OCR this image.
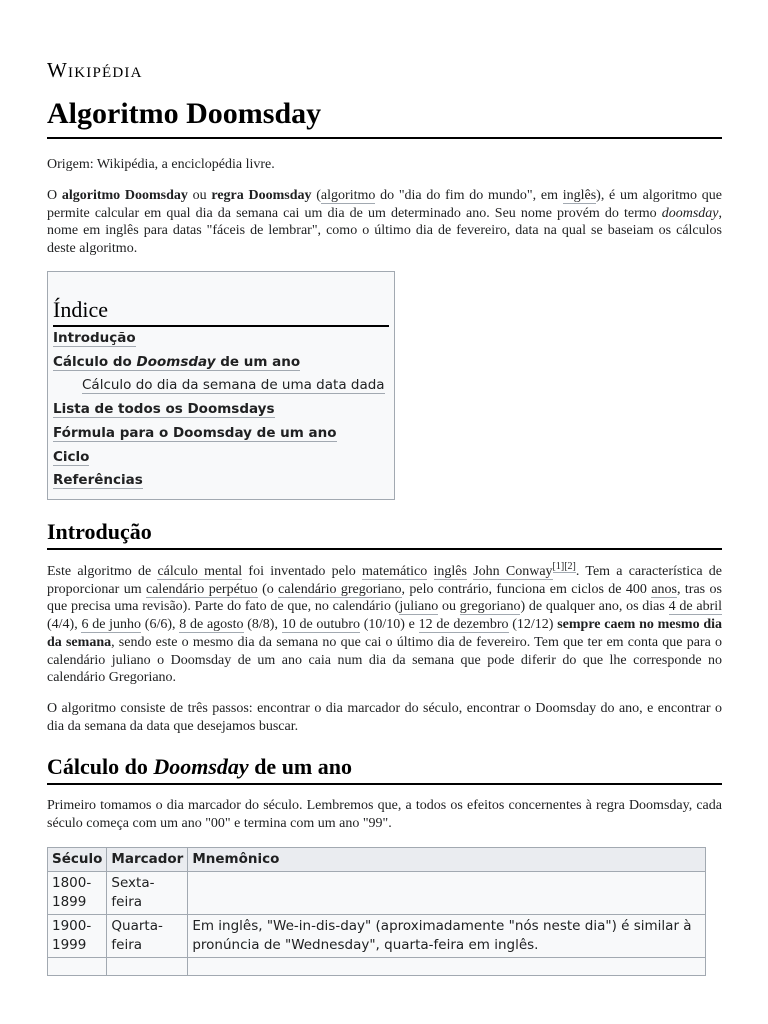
Wikipédia
Algoritmo Doomsday
Origem: Wikipédia, a enciclopédia livre.

O algoritmo Doomsday ou regra Doomsday (algoritmo do "dia do fim do mundo", em inglês), é um algoritmo que permite calcular em qual dia da semana cai um dia de um determinado ano. Seu nome provém do termo doomsday, nome em inglês para datas "fáceis de lembrar", como o último dia de fevereiro, data na qual se baseiam os cálculos deste algoritmo.

Índice
Introdução
Cálculo do Doomsday de um ano
Cálculo do dia da semana de uma data dada
Lista de todos os Doomsdays
Fórmula para o Doomsday de um ano
Ciclo
Referências
Introdução

Este algoritmo de cálculo mental foi inventado pelo matemático inglês John Conway[1][2]. Tem a característica de proporcionar um calendário perpétuo (o calendário gregoriano, pelo contrário, funciona em ciclos de 400 anos, tras os que precisa uma revisão). Parte do fato de que, no calendário (juliano ou gregoriano) de qualquer ano, os dias 4 de abril (4/4), 6 de junho (6/6), 8 de agosto (8/8), 10 de outubro (10/10) e 12 de dezembro (12/12) sempre caem no mesmo dia da semana, sendo este o mesmo dia da semana no que cai o último dia de fevereiro. Tem que ter em conta que para o calendário juliano o Doomsday de um ano caia num dia da semana que pode diferir do que lhe corresponde no calendário Gregoriano.

O algoritmo consiste de três passos: encontrar o dia marcador do século, encontrar o Doomsday do ano, e encontrar o dia da semana da data que desejamos buscar.

Cálculo do Doomsday de um ano

Primeiro tomamos o dia marcador do século. Lembremos que, a todos os efeitos concernentes à regra Doomsday, cada século começa com um ano "00" e termina com um ano "99".

Século	Marcador	Mnemônico
1800-1899	Sexta-feira	
1900-1999	Quarta-feira	Em inglês, "We-in-dis-day" (aproximadamente "nós neste dia") é similar à pronúncia de "Wednesday", quarta-feira em inglês.
